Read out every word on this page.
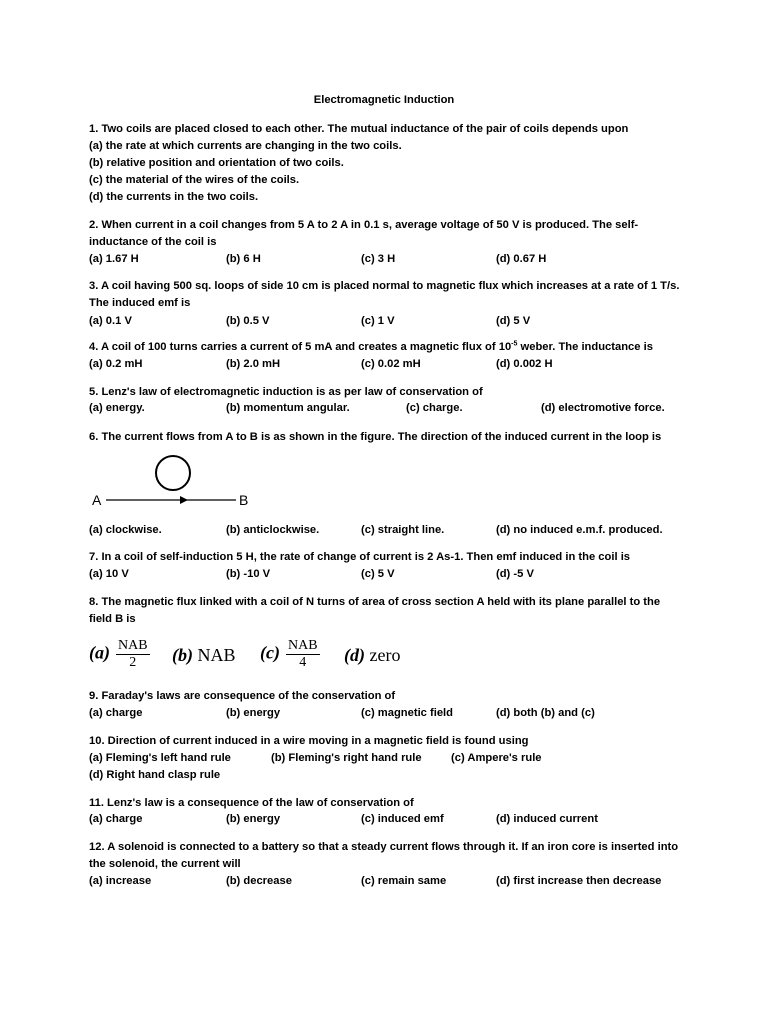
Electromagnetic Induction
1. Two coils are placed closed to each other. The mutual inductance of the pair of coils depends upon
(a) the rate at which currents are changing in the two coils.
(b) relative position and orientation of two coils.
(c) the material of the wires of the coils.
(d) the currents in the two coils.
2. When current in a coil changes from 5 A to 2 A in 0.1 s, average voltage of 50 V is produced. The self-
inductance of the coil is
(a) 1.67 H	(b) 6 H	(c) 3 H	(d) 0.67 H
3. A coil having 500 sq. loops of side 10 cm is placed normal to magnetic flux which increases at a rate of 1 T/s.
The induced emf is
(a) 0.1 V	(b) 0.5 V	(c) 1 V	(d) 5 V
4. A coil of 100 turns carries a current of 5 mA and creates a magnetic flux of $10^{-5}$ weber. The inductance is
(a) 0.2 mH	(b) 2.0 mH	(c) 0.02 mH	(d) 0.002 H
5. Lenz's law of electromagnetic induction is as per law of conservation of
(a) energy.	(b) momentum angular.	(c) charge.	(d) electromotive force.
6. The current flows from A to B is as shown in the figure. The direction of the induced current in the loop is
A	B
(a) clockwise.	(b) anticlockwise.	(c) straight line.	(d) no induced e.m.f. produced.
7. In a coil of self-induction 5 H, the rate of change of current is 2 As-1. Then emf induced in the coil is
(a) 10 V	(b) -10 V	(c) 5 V	(d) -5 V
8. The magnetic flux linked with a coil of N turns of area of cross section A held with its plane parallel to the
field B is
$(a) \frac{\text{NAB}}{2} (b)$ NAB $(c) \frac{\text{NAB}}{4} (d)$ zero
9. Faraday's laws are consequence of the conservation of
(a) charge	(b) energy	(c) magnetic field	(d) both (b) and (c)
10. Direction of current induced in a wire moving in a magnetic field is found using
(a) Fleming's left hand rule	(b) Fleming's right hand rule	(c) Ampere's rule
(d) Right hand clasp rule
11. Lenz's law is a consequence of the law of conservation of
(a) charge	(b) energy	(c) induced emf	(d) induced current
12. A solenoid is connected to a battery so that a steady current flows through it. If an iron core is inserted into
the solenoid, the current will
(a) increase	(b) decrease	(c) remain same	(d) first increase then decrease
